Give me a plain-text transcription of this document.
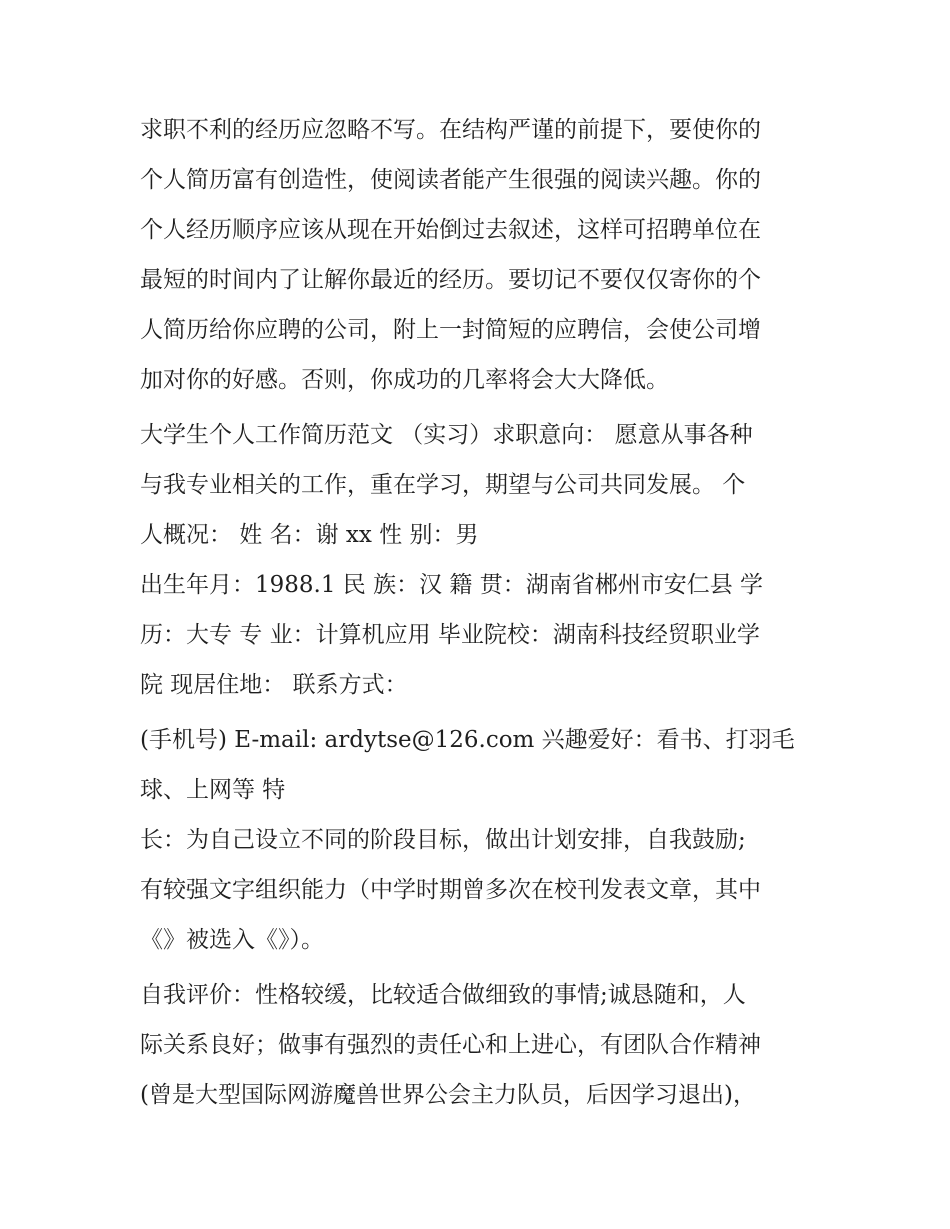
求职不利的经历应忽略不写。在结构严谨的前提下，要使你的
个人简历富有创造性，使阅读者能产生很强的阅读兴趣。你的
个人经历顺序应该从现在开始倒过去叙述，这样可招聘单位在
最短的时间内了让解你最近的经历。要切记不要仅仅寄你的个
人简历给你应聘的公司，附上一封简短的应聘信，会使公司增
加对你的好感。否则，你成功的几率将会大大降低。
大学生个人工作简历范文 （实习）求职意向： 愿意从事各种
与我专业相关的工作，重在学习，期望与公司共同发展。 个
人概况： 姓 名：谢 xx 性 别：男
出生年月：1988.1 民 族：汉 籍 贯：湖南省郴州市安仁县 学
历：大专 专 业：计算机应用 毕业院校：湖南科技经贸职业学
院 现居住地： 联系方式：
(手机号) E-mail: ardytse@126.com 兴趣爱好：看书、打羽毛
球、上网等 特
长：为自己设立不同的阶段目标，做出计划安排，自我鼓励;
有较强文字组织能力（中学时期曾多次在校刊发表文章，其中
《》被选入《》）。
自我评价：性格较缓，比较适合做细致的事情;诚恳随和，人
际关系良好；做事有强烈的责任心和上进心，有团队合作精神
(曾是大型国际网游魔兽世界公会主力队员，后因学习退出)，
